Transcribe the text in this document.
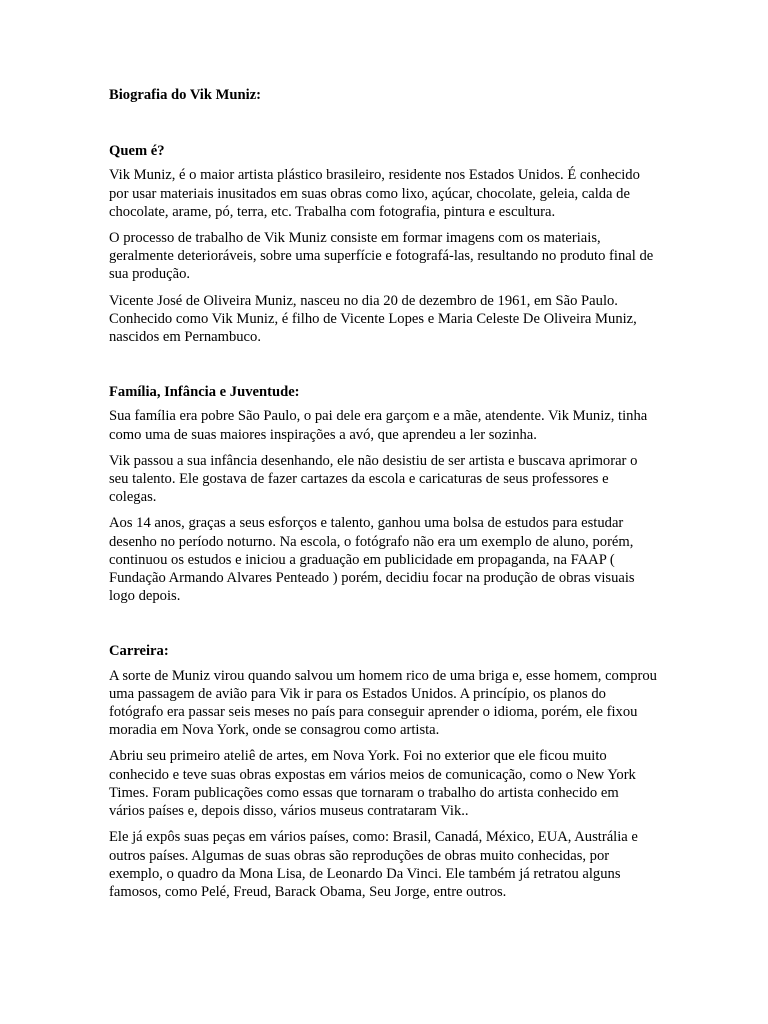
Biografia do Vik Muniz:
Quem é?

Vik Muniz, é o maior artista plástico brasileiro, residente nos Estados Unidos. É conhecido por usar materiais inusitados em suas obras como lixo, açúcar, chocolate, geleia, calda de chocolate, arame, pó, terra, etc. Trabalha com fotografia, pintura e escultura.

O processo de trabalho de Vik Muniz consiste em formar imagens com os materiais, geralmente deterioráveis, sobre uma superfície e fotografá-las, resultando no produto final de sua produção.

Vicente José de Oliveira Muniz, nasceu no dia 20 de dezembro de 1961, em São Paulo. Conhecido como Vik Muniz, é filho de Vicente Lopes e Maria Celeste De Oliveira Muniz, nascidos em Pernambuco.

Família, Infância e Juventude:

Sua família era pobre São Paulo, o pai dele era garçom e a mãe, atendente. Vik Muniz, tinha como uma de suas maiores inspirações a avó, que aprendeu a ler sozinha.

Vik passou a sua infância desenhando, ele não desistiu de ser artista e buscava aprimorar o seu talento. Ele gostava de fazer cartazes da escola e caricaturas de seus professores e colegas.

Aos 14 anos, graças a seus esforços e talento, ganhou uma bolsa de estudos para estudar desenho no período noturno. Na escola, o fotógrafo não era um exemplo de aluno, porém, continuou os estudos e iniciou a graduação em publicidade em propaganda, na FAAP ( Fundação Armando Alvares Penteado ) porém, decidiu focar na produção de obras visuais logo depois.

Carreira:

A sorte de Muniz virou quando salvou um homem rico de uma briga e, esse homem, comprou uma passagem de avião para Vik ir para os Estados Unidos. A princípio, os planos do fotógrafo era passar seis meses no país para conseguir aprender o idioma, porém, ele fixou moradia em Nova York, onde se consagrou como artista.

Abriu seu primeiro ateliê de artes, em Nova York. Foi no exterior que ele ficou muito conhecido e teve suas obras expostas em vários meios de comunicação, como o New York Times. Foram publicações como essas que tornaram o trabalho do artista conhecido em vários países e, depois disso, vários museus contrataram Vik..

Ele já expôs suas peças em vários países, como: Brasil, Canadá, México, EUA, Austrália e outros países. Algumas de suas obras são reproduções de obras muito conhecidas, por exemplo, o quadro da Mona Lisa, de Leonardo Da Vinci. Ele também já retratou alguns famosos, como Pelé, Freud, Barack Obama, Seu Jorge, entre outros.
